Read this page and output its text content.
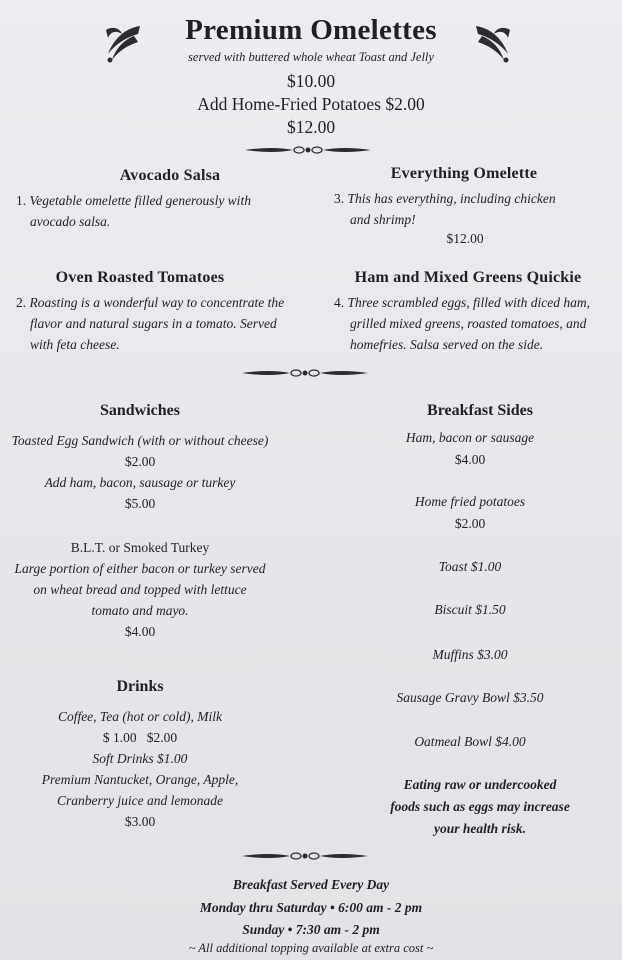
Premium Omelettes
served with buttered whole wheat Toast and Jelly
$10.00
Add Home-Fried Potatoes $2.00
$12.00
Avocado Salsa
1. Vegetable omelette filled generously with
avocado salsa.
Everything Omelette
3. This has everything, including chicken
and shrimp!
$12.00
Oven Roasted Tomatoes
2. Roasting is a wonderful way to concentrate the
flavor and natural sugars in a tomato. Served
with feta cheese.
Ham and Mixed Greens Quickie
4. Three scrambled eggs, filled with diced ham,
grilled mixed greens, roasted tomatoes, and
homefries. Salsa served on the side.
Sandwiches
Toasted Egg Sandwich (with or without cheese)
$2.00
Add ham, bacon, sausage or turkey
$5.00
B.L.T. or Smoked Turkey
Large portion of either bacon or turkey served
on wheat bread and topped with lettuce
tomato and mayo.
$4.00
Drinks
Coffee, Tea (hot or cold), Milk
$ 1.00   $2.00
Soft Drinks $1.00
Premium Nantucket, Orange, Apple,
Cranberry juice and lemonade
$3.00
Breakfast Sides
Ham, bacon or sausage
$4.00
Home fried potatoes
$2.00
Toast $1.00
Biscuit $1.50
Muffins $3.00
Sausage Gravy Bowl $3.50
Oatmeal Bowl $4.00
Eating raw or undercooked
foods such as eggs may increase
your health risk.
Breakfast Served Every Day
Monday thru Saturday • 6:00 am - 2 pm
Sunday • 7:30 am - 2 pm
~ All additional topping available at extra cost ~
